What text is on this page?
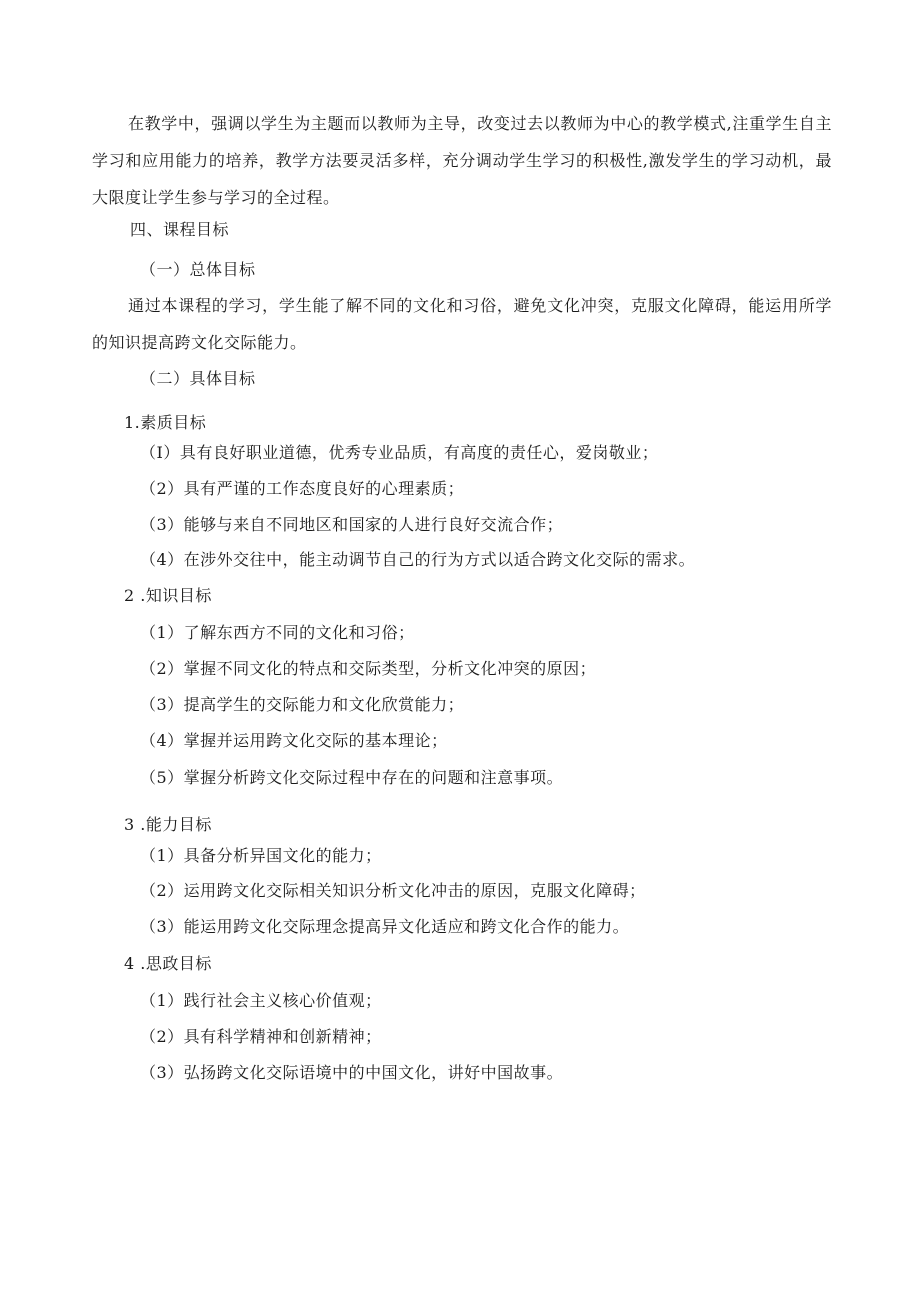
在教学中，强调以学生为主题而以教师为主导，改变过去以教师为中心的教学模式,注重学生自主学习和应用能力的培养，教学方法要灵活多样，充分调动学生学习的积极性,激发学生的学习动机，最大限度让学生参与学习的全过程。

四、课程目标
（一）总体目标

通过本课程的学习，学生能了解不同的文化和习俗，避免文化冲突，克服文化障碍，能运用所学的知识提高跨文化交际能力。

（二）具体目标
1.素质目标
（I）具有良好职业道德，优秀专业品质，有高度的责任心，爱岗敬业；
（2）具有严谨的工作态度良好的心理素质；
（3）能够与来自不同地区和国家的人进行良好交流合作；
（4）在涉外交往中，能主动调节自己的行为方式以适合跨文化交际的需求。
2 .知识目标
（1）了解东西方不同的文化和习俗；
（2）掌握不同文化的特点和交际类型，分析文化冲突的原因；
（3）提高学生的交际能力和文化欣赏能力；
（4）掌握并运用跨文化交际的基本理论；
（5）掌握分析跨文化交际过程中存在的问题和注意事项。
3 .能力目标
（1）具备分析异国文化的能力；
（2）运用跨文化交际相关知识分析文化冲击的原因，克服文化障碍；
（3）能运用跨文化交际理念提高异文化适应和跨文化合作的能力。
4 .思政目标
（1）践行社会主义核心价值观；
（2）具有科学精神和创新精神；
（3）弘扬跨文化交际语境中的中国文化，讲好中国故事。
